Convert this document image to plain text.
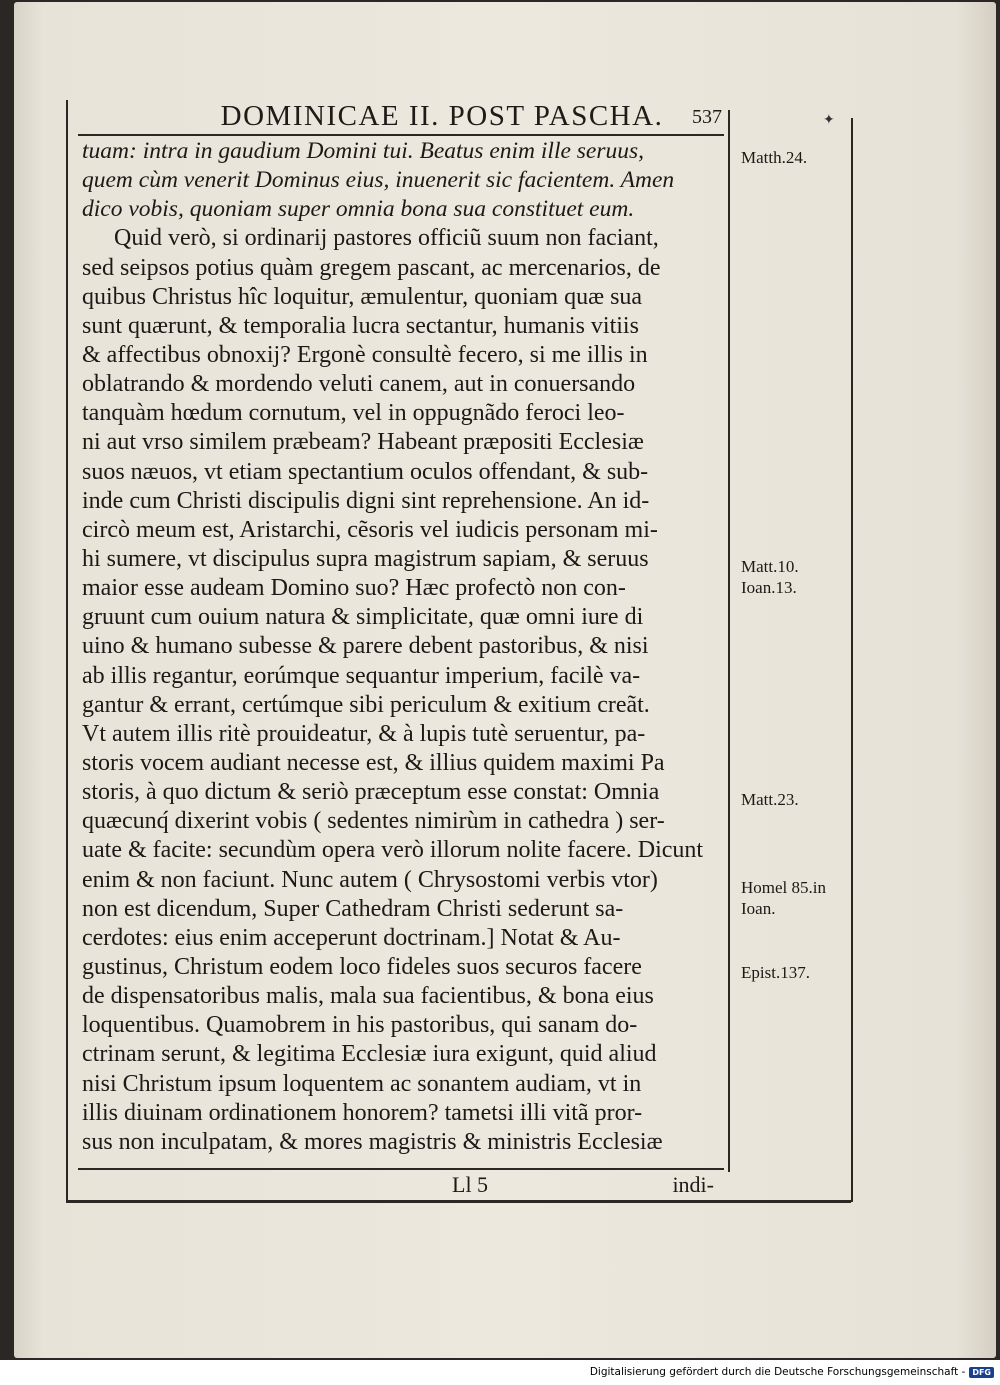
✦
DOMINICAE II. POST PASCHA.	537
tuam: intra in gaudium Domini tui. Beatus enim ille seruus,
quem cùm venerit Dominus eius, inuenerit sic facientem. Amen
dico vobis, quoniam super omnia bona sua constituet eum.
Quid verò, si ordinarij pastores officiũ suum non faciant,
sed seipsos potius quàm gregem pascant, ac mercenarios, de
quibus Christus hîc loquitur, æmulentur, quoniam quæ sua
sunt quærunt, & temporalia lucra sectantur, humanis vitiis
& affectibus obnoxij? Ergonè consultè fecero, si me illis in
oblatrando & mordendo veluti canem, aut in conuersando
tanquàm hœdum cornutum, vel in oppugnãdo feroci leo-
ni aut vrso similem præbeam? Habeant præpositi Ecclesiæ
suos næuos, vt etiam spectantium oculos offendant, & sub-
inde cum Christi discipulis digni sint reprehensione. An id-
circò meum est, Aristarchi, cẽsoris vel iudicis personam mi-
hi sumere, vt discipulus supra magistrum sapiam, & seruus
maior esse audeam Domino suo? Hæc profectò non con-
gruunt cum ouium natura & simplicitate, quæ omni iure di
uino & humano subesse & parere debent pastoribus, & nisi
ab illis regantur, eorúmque sequantur imperium, facilè va-
gantur & errant, certúmque sibi periculum & exitium creãt.
Vt autem illis ritè prouideatur, & à lupis tutè seruentur, pa-
storis vocem audiant necesse est, & illius quidem maximi Pa
storis, à quo dictum & seriò præceptum esse constat: Omnia
quæcunq́ dixerint vobis ( sedentes nimirùm in cathedra ) ser-
uate & facite: secundùm opera verò illorum nolite facere. Dicunt
enim & non faciunt. Nunc autem ( Chrysostomi verbis vtor)
non est dicendum, Super Cathedram Christi sederunt sa-
cerdotes: eius enim acceperunt doctrinam.] Notat & Au-
gustinus, Christum eodem loco fideles suos securos facere
de dispensatoribus malis, mala sua facientibus, & bona eius
loquentibus. Quamobrem in his pastoribus, qui sanam do-
ctrinam serunt, & legitima Ecclesiæ iura exigunt, quid aliud
nisi Christum ipsum loquentem ac sonantem audiam, vt in
illis diuinam ordinationem honorem? tametsi illi vitã pror-
sus non inculpatam, & mores magistris & ministris Ecclesiæ
Matth.24.
Matt.10.
Ioan.13.
Matt.23.
Homel 85.in
Ioan.
Epist.137.
Ll 5	indi-
Digitalisierung gefördert durch die Deutsche Forschungsgemeinschaft - DFG
